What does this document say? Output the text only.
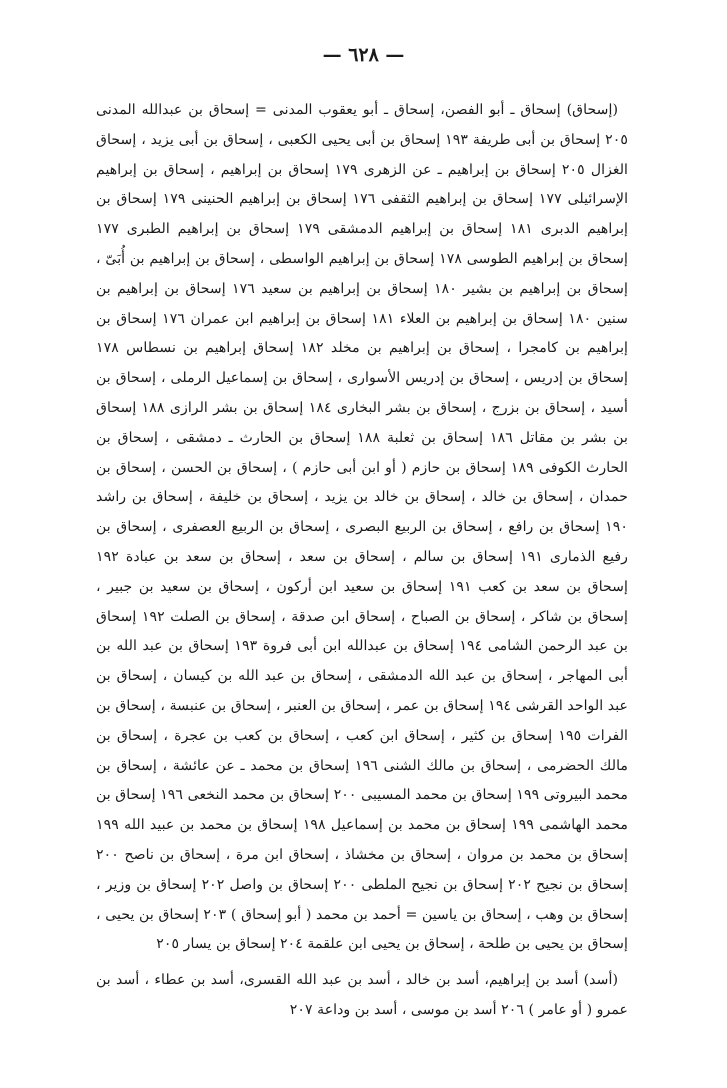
— ٦٢٨ —

(إسحاق) إسحاق ـ أبو الفصن، إسحاق ـ أبو يعقوب المدنى = إسحاق بن عبدالله المدنى ٢٠٥ إسحاق بن أبى طريفة ١٩٣ إسحاق بن أبى يحيى الكعبى ، إسحاق بن أبى يزيد ، إسحاق الغزال ٢٠٥ إسحاق بن إبراهيم ـ عن الزهرى ١٧٩ إسحاق بن إبراهيم ، إسحاق بن إبراهيم الإسرائيلى ١٧٧ إسحاق بن إبراهيم الثقفى ١٧٦ إسحاق بن إبراهيم الحنينى ١٧٩ إسحاق بن إبراهيم الدبرى ١٨١ إسحاق بن إبراهيم الدمشقى ١٧٩ إسحاق بن إبراهيم الطبرى ١٧٧ إسحاق بن إبراهيم الطوسى ١٧٨ إسحاق بن إبراهيم الواسطى ، إسحاق بن إبراهيم بن أُبَىّ ، إسحاق بن إبراهيم بن بشير ١٨٠ إسحاق بن إبراهيم بن سعيد ١٧٦ إسحاق بن إبراهيم بن سنين ١٨٠ إسحاق بن إبراهيم بن العلاء ١٨١ إسحاق بن إبراهيم ابن عمران ١٧٦ إسحاق بن إبراهيم بن كامجرا ، إسحاق بن إبراهيم بن مخلد ١٨٢ إسحاق إبراهيم بن نسطاس ١٧٨ إسحاق بن إدريس ، إسحاق بن إدريس الأسوارى ، إسحاق بن إسماعيل الرملى ، إسحاق بن أسيد ، إسحاق بن بزرج ، إسحاق بن بشر البخارى ١٨٤ إسحاق بن بشر الرازى ١٨٨ إسحاق بن بشر بن مقاتل ١٨٦ إسحاق بن ثعلبة ١٨٨ إسحاق بن الحارث ـ دمشقى ، إسحاق بن الحارث الكوفى ١٨٩ إسحاق بن حازم ( أو ابن أبى حازم ) ، إسحاق بن الحسن ، إسحاق بن حمدان ، إسحاق بن خالد ، إسحاق بن خالد بن يزيد ، إسحاق بن خليفة ، إسحاق بن راشد ١٩٠ إسحاق بن رافع ، إسحاق بن الربيع البصرى ، إسحاق بن الربيع العصفرى ، إسحاق بن رفيع الذمارى ١٩١ إسحاق بن سالم ، إسحاق بن سعد ، إسحاق بن سعد بن عبادة ١٩٢ إسحاق بن سعد بن كعب ١٩١ إسحاق بن سعيد ابن أركون ، إسحاق بن سعيد بن جبير ، إسحاق بن شاكر ، إسحاق بن الصباح ، إسحاق ابن صدقة ، إسحاق بن الصلت ١٩٢ إسحاق بن عبد الرحمن الشامى ١٩٤ إسحاق بن عبدالله ابن أبى فروة ١٩٣ إسحاق بن عبد الله بن أبى المهاجر ، إسحاق بن عبد الله الدمشقى ، إسحاق بن عبد الله بن كيسان ، إسحاق بن عبد الواحد القرشى ١٩٤ إسحاق بن عمر ، إسحاق بن العنبر ، إسحاق بن عنبسة ، إسحاق بن الفرات ١٩٥ إسحاق بن كثير ، إسحاق ابن كعب ، إسحاق بن كعب بن عجرة ، إسحاق بن مالك الحضرمى ، إسحاق بن مالك الشنى ١٩٦ إسحاق بن محمد ـ عن عائشة ، إسحاق بن محمد البيروتى ١٩٩ إسحاق بن محمد المسيبى ٢٠٠ إسحاق بن محمد النخعى ١٩٦ إسحاق بن محمد الهاشمى ١٩٩ إسحاق بن محمد بن إسماعيل ١٩٨ إسحاق بن محمد بن عبيد الله ١٩٩ إسحاق بن محمد بن مروان ، إسحاق بن مخشاذ ، إسحاق ابن مرة ، إسحاق بن ناصح ٢٠٠ إسحاق بن نجيح ٢٠٢ إسحاق بن نجيح الملطى ٢٠٠ إسحاق بن واصل ٢٠٢ إسحاق بن وزير ، إسحاق بن وهب ، إسحاق بن ياسين = أحمد بن محمد ( أبو إسحاق ) ٢٠٣ إسحاق بن يحيى ، إسحاق بن يحيى بن طلحة ، إسحاق بن يحيى ابن علقمة ٢٠٤ إسحاق بن يسار ٢٠٥

(أسد) أسد بن إبراهيم، أسد بن خالد ، أسد بن عبد الله القسرى، أسد بن عطاء ، أسد بن عمرو ( أو عامر ) ٢٠٦ أسد بن موسى ، أسد بن وداعة ٢٠٧
